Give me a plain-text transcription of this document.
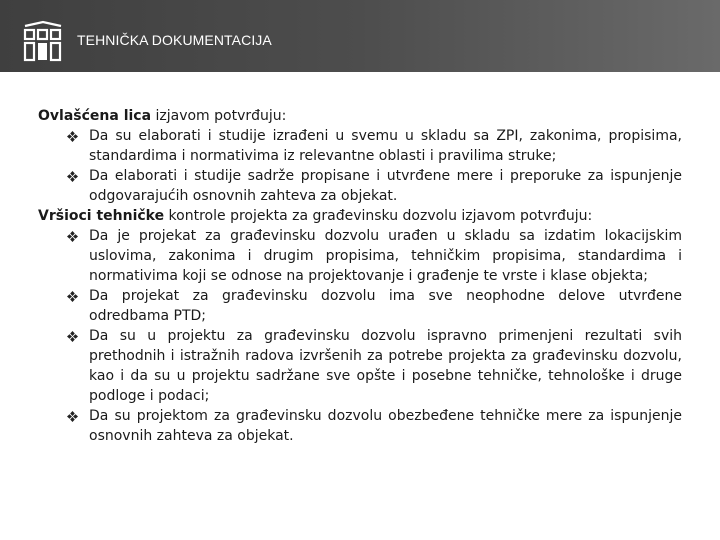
TEHNIČKA DOKUMENTACIJA

Ovlašćena lica izjavom potvrđuju:

Da su elaborati i studije izrađeni u svemu u skladu sa ZPI, zakonima, propisima, standardima i normativima iz relevantne oblasti i pravilima struke;
Da elaborati i studije sadrže propisane i utvrđene mere i preporuke za ispunjenje odgovarajućih osnovnih zahteva za objekat.

Vršioci tehničke kontrole projekta za građevinsku dozvolu izjavom potvrđuju:

Da je projekat za građevinsku dozvolu urađen u skladu sa izdatim lokacijskim uslovima, zakonima i drugim propisima, tehničkim propisima, standardima i normativima koji se odnose na projektovanje i građenje te vrste i klase objekta;
Da projekat za građevinsku dozvolu ima sve neophodne delove utvrđene odredbama PTD;
Da su u projektu za građevinsku dozvolu ispravno primenjeni rezultati svih prethodnih i istražnih radova izvršenih za potrebe projekta za građevinsku dozvolu, kao i da su u projektu sadržane sve opšte i posebne tehničke, tehnološke i druge podloge i podaci;
Da su projektom za građevinsku dozvolu obezbeđene tehničke mere za ispunjenje osnovnih zahteva za objekat.
